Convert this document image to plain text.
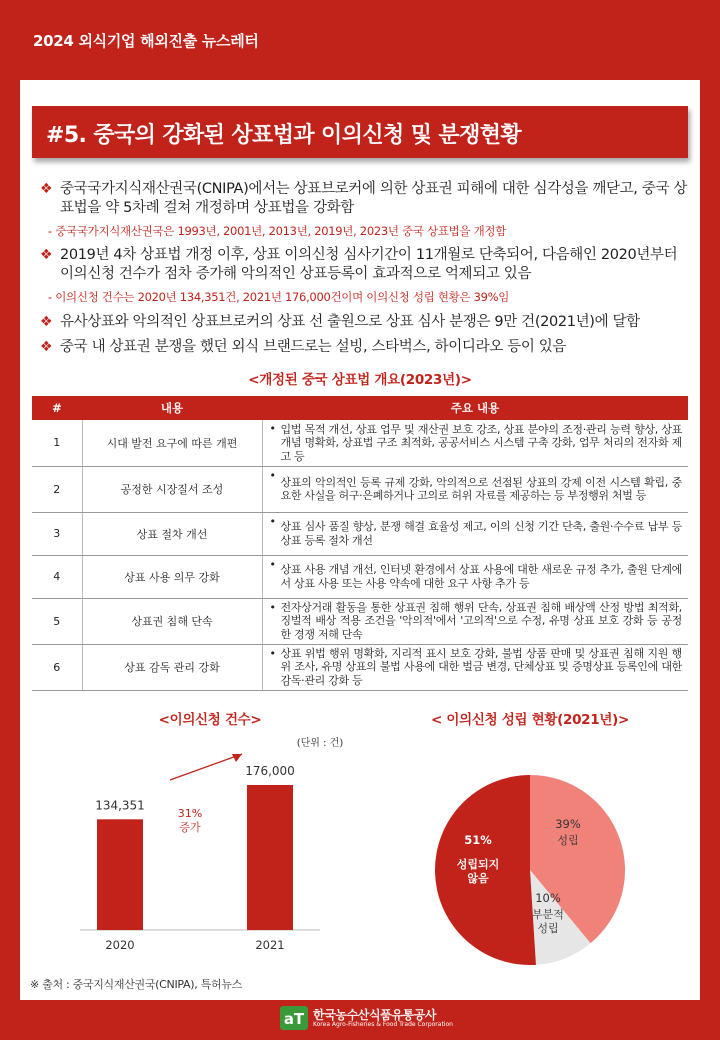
2024 외식기업 해외진출 뉴스레터
#5. 중국의 강화된 상표법과 이의신청 및 분쟁현황
❖ 중국국가지식재산권국(CNIPA)에서는 상표브로커에 의한 상표권 피해에 대한 심각성을 깨닫고, 중국 상표법을 약 5차례 걸쳐 개정하며 상표법을 강화함
- 중국국가지식재산권국은 1993년, 2001년, 2013년, 2019년, 2023년 중국 상표법을 개정함
❖ 2019년 4차 상표법 개정 이후, 상표 이의신청 심사기간이 11개월로 단축되어, 다음해인 2020년부터 이의신청 건수가 점차 증가해 악의적인 상표등록이 효과적으로 억제되고 있음
- 이의신청 건수는 2020년 134,351건, 2021년 176,000건이며 이의신청 성립 현황은 39%임
❖ 유사상표와 악의적인 상표브로커의 상표 선 출원으로 상표 심사 분쟁은 9만 건(2021년)에 달함
❖ 중국 내 상표권 분쟁을 했던 외식 브랜드로는 설빙, 스타벅스, 하이디라오 등이 있음
<개정된 중국 상표법 개요(2023년)>
#	내용	주요 내용
1	시대 발전 요구에 따른 개편	• 입법 목적 개선, 상표 업무 및 재산권 보호 강조, 상표 분야의 조정·관리 능력 향상, 상표 개념 명확화, 상표법 구조 최적화, 공공서비스 시스템 구축 강화, 업무 처리의 전자화 제고 등
2	공정한 시장질서 조성	• 상표의 악의적인 등록 규제 강화, 악의적으로 선점된 상표의 강제 이전 시스템 확립, 중요한 사실을 허구·은폐하거나 고의로 허위 자료를 제공하는 등 부정행위 처벌 등
3	상표 절차 개선	• 상표 심사 품질 향상, 분쟁 해결 효율성 제고, 이의 신청 기간 단축, 출원·수수료 납부 등 상표 등록 절차 개선
4	상표 사용 의무 강화	• 상표 사용 개념 개선, 인터넷 환경에서 상표 사용에 대한 새로운 규정 추가, 출원 단계에서 상표 사용 또는 사용 약속에 대한 요구 사항 추가 등
5	상표권 침해 단속	• 전자상거래 활동을 통한 상표권 침해 행위 단속, 상표권 침해 배상액 산정 방법 최적화, 징벌적 배상 적용 조건을 '악의적'에서 '고의적'으로 수정, 유명 상표 보호 강화 등 공정한 경쟁 저해 단속
6	상표 감독 관리 강화	• 상표 위법 행위 명확화, 지리적 표시 보호 강화, 불법 상품 판매 및 상표권 침해 지원 행위 조사, 유명 상표의 불법 사용에 대한 벌금 변경, 단체상표 및 증명상표 등록인에 대한 감독·관리 강화 등
<이의신청 건수>	< 이의신청 성립 현황(2021년)>
(단위 : 건)
134,351
2020
176,000
2021
31%
증가	39%
성립
10%
부분적
성립
51%
성립되지
않음
※ 출처 : 중국지식재산권국(CNIPA), 특허뉴스
aT 한국농수산식품유통공사
Korea Agro-Fisheries & Food Trade Corporation
